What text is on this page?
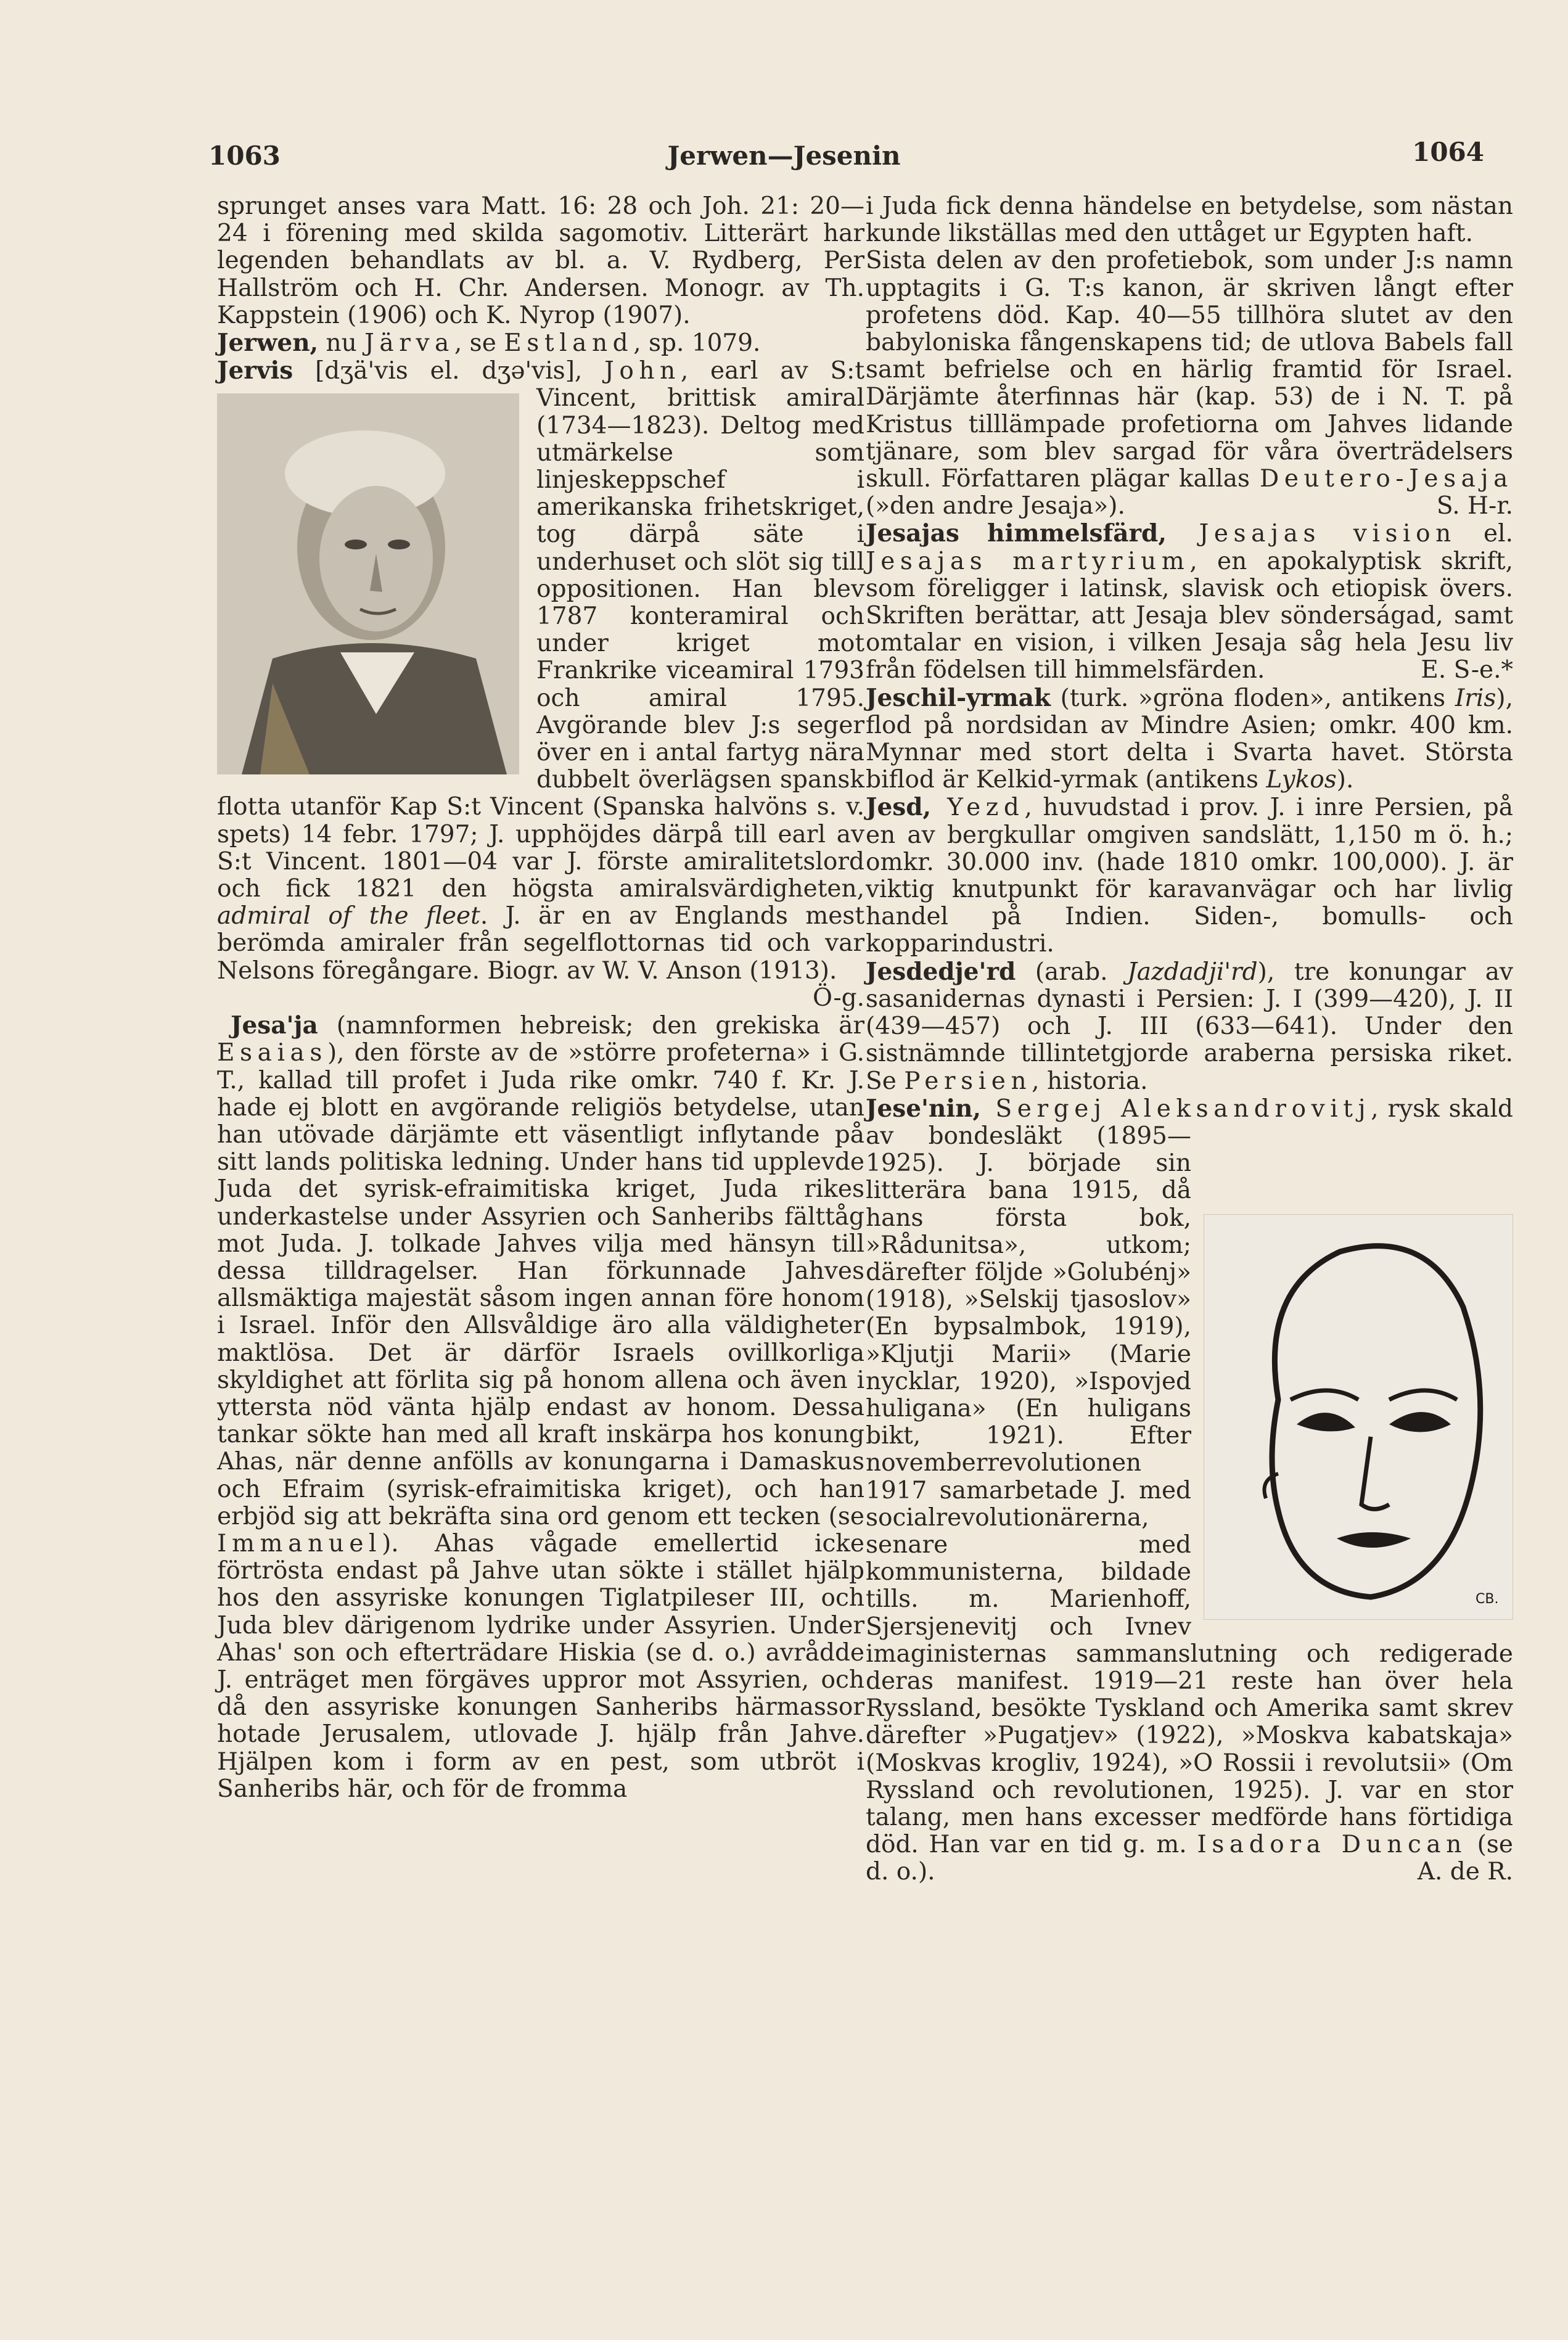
1063	Jerwen—Jesenin	1064

sprunget anses vara Matt. 16: 28 och Joh. 21: 20—24 i förening med skilda sagomotiv. Litterärt har legenden behandlats av bl. a. V. Rydberg, Per Hallström och H. Chr. Andersen. Monogr. av Th. Kappstein (1906) och K. Nyrop (1907).

Jerwen, nu Järva, se Estland, sp. 1079.

Jervis [dʒä'vis el. dʒə'vis], John
, earl av S:t Vincent, brittisk amiral (1734—1823). Deltog med utmärkelse som linjeskeppschef i amerikanska frihetskriget, tog därpå säte i underhuset och slöt sig till oppositionen. Han blev 1787 konteramiral och under kriget mot Frankrike viceamiral 1793 och amiral 1795. Avgörande blev J:s seger över en i antal fartyg nära dubbelt överlägsen spansk flotta utanför Kap S:t Vincent (Spanska halvöns s. v. spets) 14 febr. 1797; J. upphöjdes därpå till earl av S:t Vincent. 1801—04 var J. förste amiralitetslord och fick 1821 den högsta amiralsvärdigheten, admiral of the fleet. J. är en av Englands mest berömda amiraler från segelflottornas tid och var Nelsons föregångare. Biogr. av W. V. Anson (1913).
Ö-g.

Jesa'ja (namnformen hebreisk; den grekiska är Esaias), den förste av de »större profeterna» i G. T., kallad till profet i Juda rike omkr. 740 f. Kr. J. hade ej blott en avgörande religiös betydelse, utan han utövade därjämte ett väsentligt inflytande på sitt lands politiska ledning. Under hans tid upplevde Juda det syrisk-efraimitiska kriget, Juda rikes underkastelse under Assyrien och Sanheribs fälttåg mot Juda. J. tolkade Jahves vilja med hänsyn till dessa tilldragelser. Han förkunnade Jahves allsmäktiga majestät såsom ingen annan före honom i Israel. Inför den Allsvåldige äro alla väldigheter maktlösa. Det är därför Israels ovillkorliga skyldighet att förlita sig på honom allena och även i yttersta nöd vänta hjälp endast av honom. Dessa tankar sökte han med all kraft inskärpa hos konung Ahas, när denne anfölls av konungarna i Damaskus och Efraim (syrisk-efraimitiska kriget), och han erbjöd sig att bekräfta sina ord genom ett tecken (se Immanuel). Ahas vågade emellertid icke förtrösta endast på Jahve utan sökte i stället hjälp hos den assyriske konungen Tiglatpileser III, och Juda blev därigenom lydrike under Assyrien. Under Ahas' son och efterträdare Hiskia (se d. o.) avrådde J. enträget men förgäves uppror mot Assyrien, och då den assyriske konungen Sanheribs härmassor hotade Jerusalem, utlovade J. hjälp från Jahve. Hjälpen kom i form av en pest, som utbröt i Sanheribs här, och för de fromma

i Juda fick denna händelse en betydelse, som nästan kunde likställas med den uttåget ur Egypten haft.

Sista delen av den profetiebok, som under J:s namn upptagits i G. T:s kanon, är skriven långt efter profetens död. Kap. 40—55 tillhöra slutet av den babyloniska fångenskapens tid; de utlova Babels fall samt befrielse och en härlig framtid för Israel. Därjämte återfinnas här (kap. 53) de i N. T. på Kristus tilllämpade profetiorna om Jahves lidande tjänare, som blev sargad för våra överträdelsers skull. Författaren plägar kallas Deutero-Jesaja (»den andre Jesaja»).	S. H-r.

Jesajas himmelsfärd, Jesajas vision el. Jesajas martyrium, en apokalyptisk skrift, som föreligger i latinsk, slavisk och etiopisk övers. Skriften berättar, att Jesaja blev sönderságad, samt omtalar en vision, i vilken Jesaja såg hela Jesu liv från födelsen till himmelsfärden.	E. S-e.*

Jeschil-yrmak (turk. »gröna floden», antikens Iris), flod på nordsidan av Mindre Asien; omkr. 400 km. Mynnar med stort delta i Svarta havet. Största biflod är Kelkid-yrmak (antikens Lykos).

Jesd, Yezd, huvudstad i prov. J. i inre Persien, på en av bergkullar omgiven sandslätt, 1,150 m ö. h.; omkr. 30.000 inv. (hade 1810 omkr. 100,000). J. är viktig knutpunkt för karavanvägar och har livlig handel på Indien. Siden-, bomulls- och kopparindustri.

Jesdedje'rd (arab. Jazdadji'rd), tre konungar av sasanidernas dynasti i Persien: J. I (399—420), J. II (439—457) och J. III (633—641). Under den sistnämnde tillintetgjorde araberna persiska riket. Se Persien, historia.

Jese'nin, Sergej Aleksandrovitj
CB.
, rysk skald av bondesläkt (1895—1925). J. började sin litterära bana 1915, då hans första bok, »Rådunitsa», utkom; därefter följde »Golubénj» (1918), »Selskij tjasoslov» (En bypsalmbok, 1919), »Kljutji Marii» (Marie nycklar, 1920), »Ispovjed huligana» (En huligans bikt, 1921). Efter novemberrevolutionen 1917 samarbetade J. med socialrevolutionärerna, senare med kommunisterna, bildade tills. m. Marienhoff, Sjersjenevitj och Ivnev imaginisternas sammanslutning och redigerade deras manifest. 1919—21 reste han över hela Ryssland, besökte Tyskland och Amerika samt skrev därefter »Pugatjev» (1922), »Moskva kabatskaja» (Moskvas krogliv, 1924), »O Rossii i revolutsii» (Om Ryssland och revolutionen, 1925). J. var en stor talang, men hans excesser medförde hans förtidiga död. Han var en tid g. m. Isadora Duncan (se d. o.).	A. de R.
